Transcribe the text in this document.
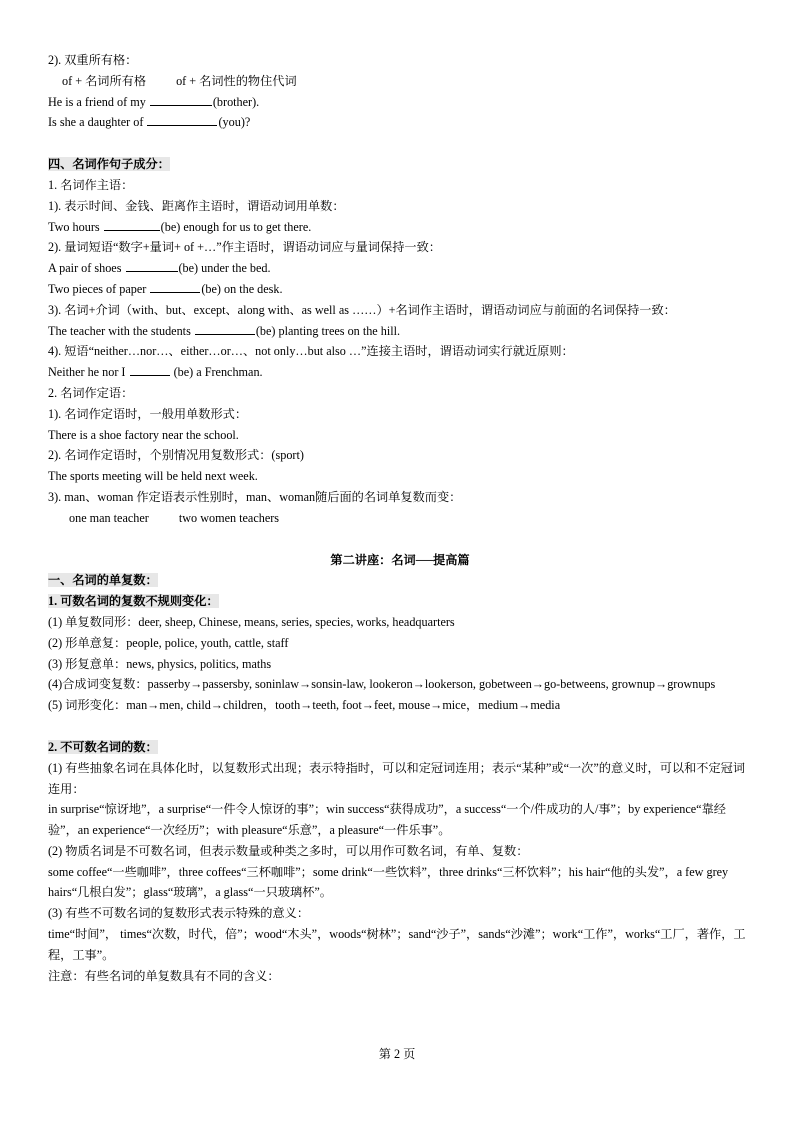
2). 双重所有格：
of + 名词所有格 of + 名词性的物住代词
He is a friend of my	(brother).
Is she a daughter of	(you)?
四、名词作句子成分：
1. 名词作主语：
1). 表示时间、金钱、距离作主语时，谓语动词用单数：
Two hours	(be) enough for us to get there.
2). 量词短语“数字+量词+ of +…”作主语时，谓语动词应与量词保持一致：
A pair of shoes	(be) under the bed.
Two pieces of paper	(be) on the desk.
3). 名词+介词（with、but、except、along with、as well as ……）+名词作主语时，谓语动词应与前面的名词保持一致：
The teacher with the students	(be) planting trees on the hill.
4). 短语“neither…nor…、either…or…、not only…but also …”连接主语时，谓语动词实行就近原则：
Neither he nor I	(be) a Frenchman.
2. 名词作定语：
1). 名词作定语时，一般用单数形式：
There is a shoe factory near the school.
2). 名词作定语时，个别情况用复数形式：(sport)
The sports meeting will be held next week.
3). man、woman 作定语表示性别时，man、woman随后面的名词单复数而变：
one man teacher two women teachers
第二讲座：名词──提高篇
一、名词的单复数：
1. 可数名词的复数不规则变化：
(1) 单复数同形：deer, sheep, Chinese, means, series, species, works, headquarters
(2) 形单意复：people, police, youth, cattle, staff
(3) 形复意单：news, physics, politics, maths
(4)合成词变复数：passerby→passersby, soninlaw→sonsin-law, lookeron→lookerson, gobetween→go-betweens, grownup→grownups
(5) 词形变化：man→men, child→children，tooth→teeth, foot→feet, mouse→mice，medium→media
2. 不可数名词的数：
(1) 有些抽象名词在具体化时，以复数形式出现；表示特指时，可以和定冠词连用；表示“某种”或“一次”的意义时，可以和不定冠词连用：
in surprise“惊讶地”，a surprise“一件令人惊讶的事”；win success“获得成功”，a success“一个/件成功的人/事”；by experience“靠经验”，an experience“一次经历”；with pleasure“乐意”，a pleasure“一件乐事”。
(2) 物质名词是不可数名词，但表示数量或种类之多时，可以用作可数名词，有单、复数：
some coffee“一些咖啡”，three coffees“三杯咖啡”；some drink“一些饮料”，three drinks“三杯饮料”；his hair“他的头发”，a few grey hairs“几根白发”；glass“玻璃”，a glass“一只玻璃杯”。
(3) 有些不可数名词的复数形式表示特殊的意义：
time“时间”， times“次数，时代，倍”；wood“木头”，woods“树林”；sand“沙子”，sands“沙滩”；work“工作”，works“工厂，著作，工程，工事”。
注意：有些名词的单复数具有不同的含义：
第 2 页
